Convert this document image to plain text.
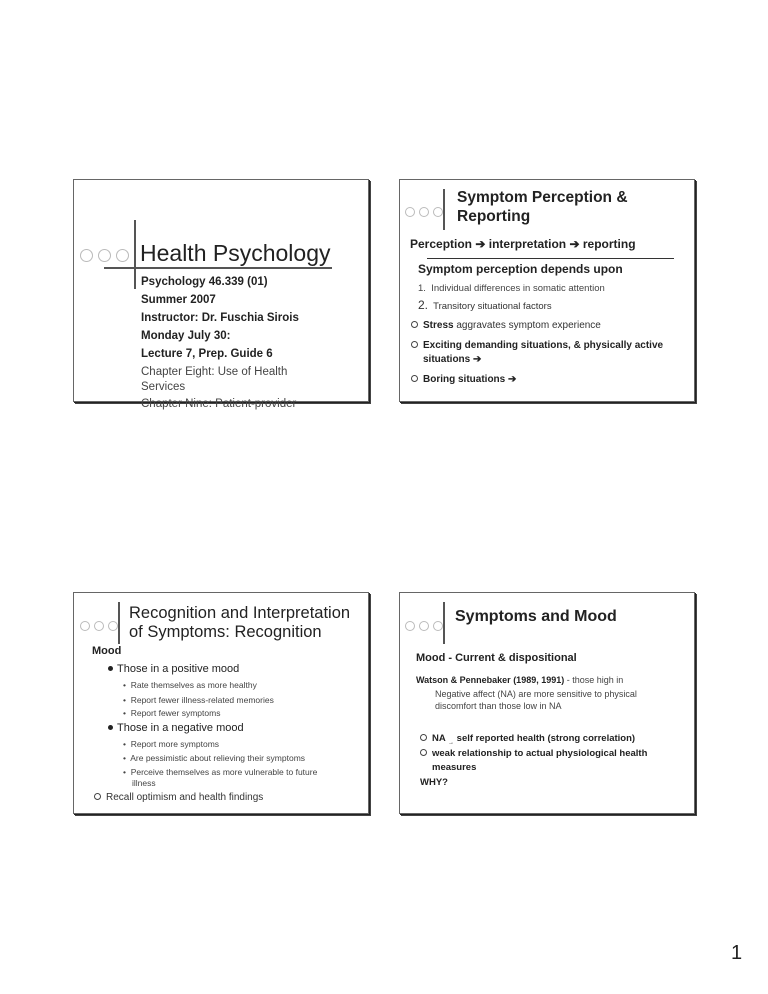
Health Psychology
Psychology 46.339 (01)
Summer 2007
Instructor: Dr. Fuschia Sirois
Monday July 30:
Lecture 7, Prep. Guide 6
Chapter Eight: Use of Health
Services
Chapter Nine: Patient-provider
Symptom Perception &
Reporting
Perception ➔ interpretation ➔ reporting
Symptom perception depends upon
1. Individual differences in somatic attention
2. Transitory situational factors
Stress aggravates symptom experience
Exciting demanding situations, & physically active
situations ➔
Boring situations ➔
Recognition and Interpretation
of Symptoms: Recognition
Mood
Those in a positive mood
•  Rate themselves as more healthy
•  Report fewer illness-related memories
•  Report fewer symptoms
Those in a negative mood
•  Report more symptoms
•  Are pessimistic about relieving their symptoms
•  Perceive themselves as more vulnerable to future
illness
Recall optimism and health findings
Symptoms and Mood
Mood - Current & dispositional
Watson & Pennebaker (1989, 1991) - those high in
Negative affect (NA) are more sensitive to physical
discomfort than those low in NA
NA $_\to$ self reported health (strong correlation)
weak relationship to actual physiological health
measures
WHY?
1
